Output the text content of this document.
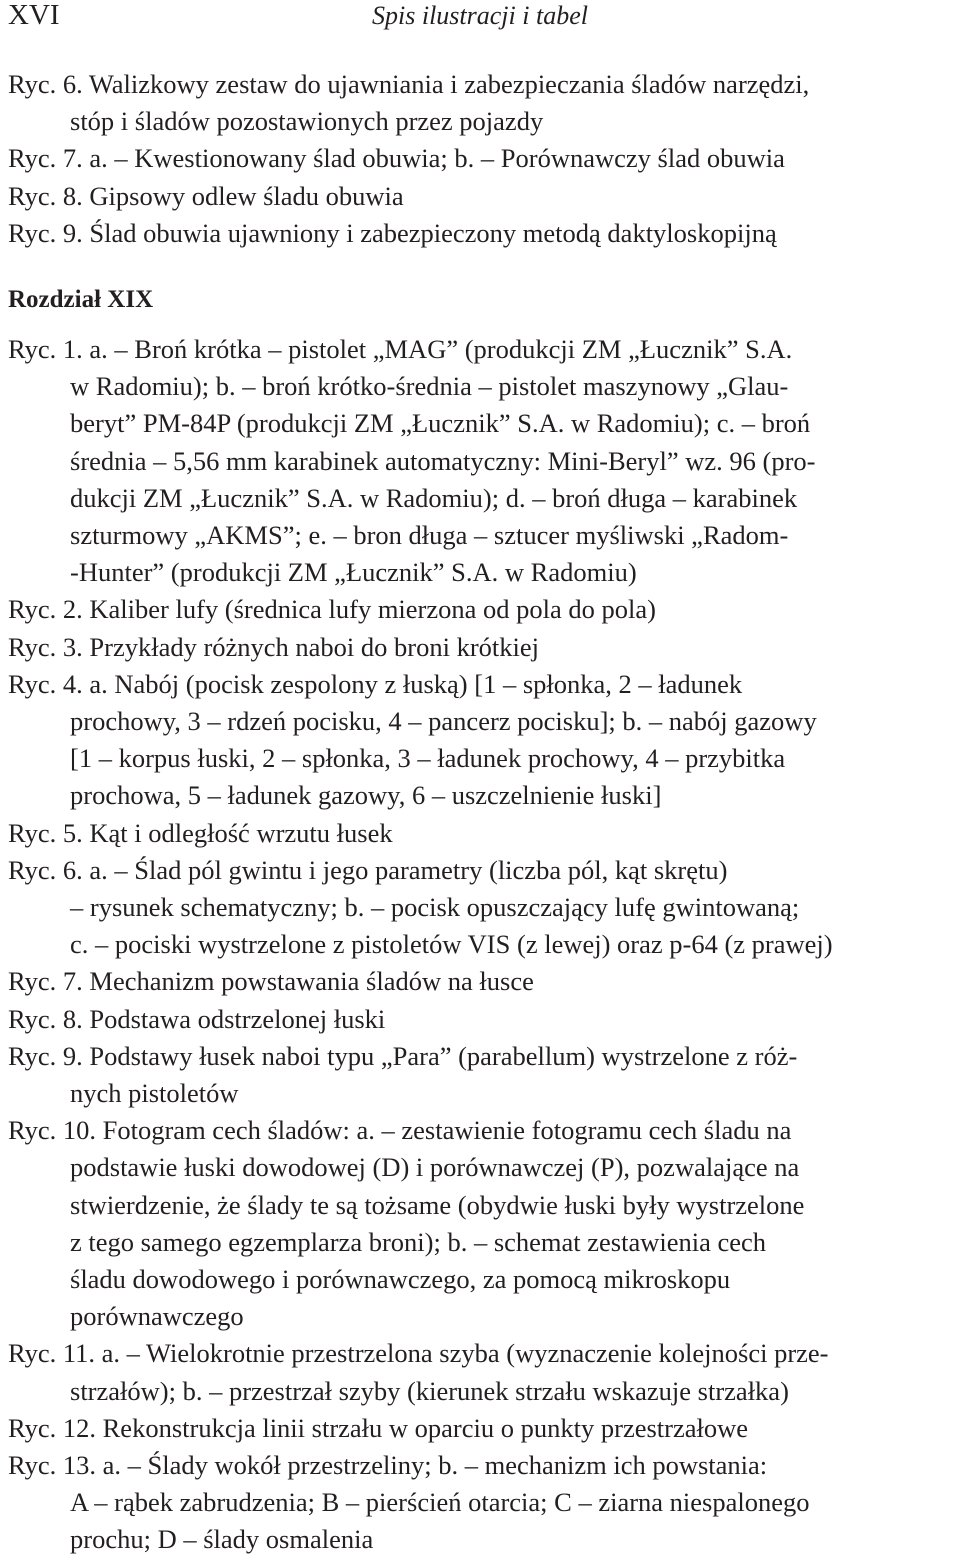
XVI	Spis ilustracji i tabel
Ryc. 6. Walizkowy zestaw do ujawniania i zabezpieczania śladów narzędzi,
stóp i śladów pozostawionych przez pojazdy
Ryc. 7. a. – Kwestionowany ślad obuwia; b. – Porównawczy ślad obuwia
Ryc. 8. Gipsowy odlew śladu obuwia
Ryc. 9. Ślad obuwia ujawniony i zabezpieczony metodą daktyloskopijną
Rozdział XIX
Ryc. 1. a. – Broń krótka – pistolet „MAG” (produkcji ZM „Łucznik” S.A.
w Radomiu); b. – broń krótko-średnia – pistolet maszynowy „Glau-
beryt” PM-84P (produkcji ZM „Łucznik” S.A. w Radomiu); c. – broń
średnia – 5,56 mm karabinek automatyczny: Mini-Beryl” wz. 96 (pro-
dukcji ZM „Łucznik” S.A. w Radomiu); d. – broń długa – karabinek
szturmowy „AKMS”; e. – bron długa – sztucer myśliwski „Radom-
-Hunter” (produkcji ZM „Łucznik” S.A. w Radomiu)
Ryc. 2. Kaliber lufy (średnica lufy mierzona od pola do pola)
Ryc. 3. Przykłady różnych naboi do broni krótkiej
Ryc. 4. a. Nabój (pocisk zespolony z łuską) [1 – spłonka, 2 – ładunek
prochowy, 3 – rdzeń pocisku, 4 – pancerz pocisku]; b. – nabój gazowy
[1 – korpus łuski, 2 – spłonka, 3 – ładunek prochowy, 4 – przybitka
prochowa, 5 – ładunek gazowy, 6 – uszczelnienie łuski]
Ryc. 5. Kąt i odległość wrzutu łusek
Ryc. 6. a. – Ślad pól gwintu i jego parametry (liczba pól, kąt skrętu)
– rysunek schematyczny; b. – pocisk opuszczający lufę gwintowaną;
c. – pociski wystrzelone z pistoletów VIS (z lewej) oraz p-64 (z prawej)
Ryc. 7. Mechanizm powstawania śladów na łusce
Ryc. 8. Podstawa odstrzelonej łuski
Ryc. 9. Podstawy łusek naboi typu „Para” (parabellum) wystrzelone z róż-
nych pistoletów
Ryc. 10. Fotogram cech śladów: a. – zestawienie fotogramu cech śladu na
podstawie łuski dowodowej (D) i porównawczej (P), pozwalające na
stwierdzenie, że ślady te są tożsame (obydwie łuski były wystrzelone
z tego samego egzemplarza broni); b. – schemat zestawienia cech
śladu dowodowego i porównawczego, za pomocą mikroskopu
porównawczego
Ryc. 11. a. – Wielokrotnie przestrzelona szyba (wyznaczenie kolejności prze-
strzałów); b. – przestrzał szyby (kierunek strzału wskazuje strzałka)
Ryc. 12. Rekonstrukcja linii strzału w oparciu o punkty przestrzałowe
Ryc. 13. a. – Ślady wokół przestrzeliny; b. – mechanizm ich powstania:
A – rąbek zabrudzenia; B – pierścień otarcia; C – ziarna niespalonego
prochu; D – ślady osmalenia
